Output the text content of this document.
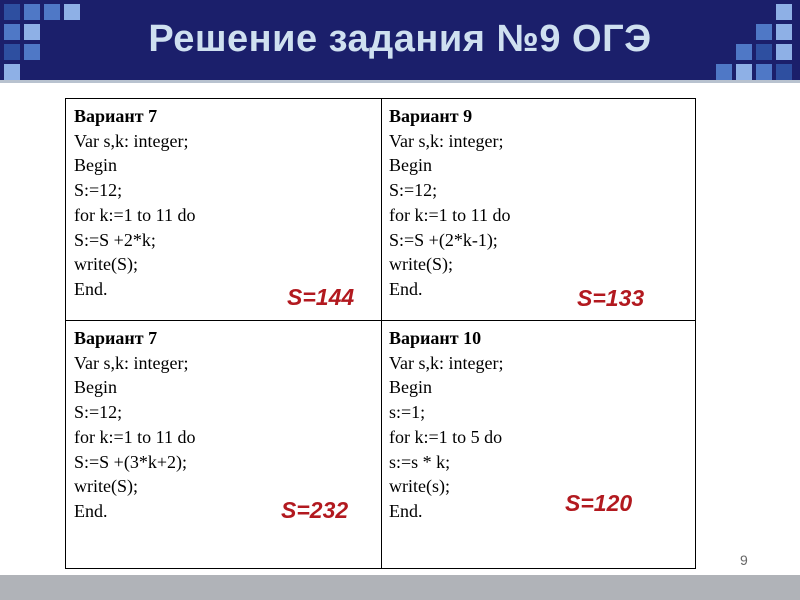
Решение задания №9 ОГЭ
Вариант 7
Var s,k: integer;
Begin
S:=12;
for k:=1 to 11 do
S:=S +2*k;
write(S);
End.	S=144
Вариант 9
Var s,k: integer;
Begin
S:=12;
for k:=1 to 11 do
S:=S +(2*k-1);
write(S);
End.	S=133
Вариант 7
Var s,k: integer;
Begin
S:=12;
for k:=1 to 11 do
S:=S +(3*k+2);
write(S);
End.	S=232
Вариант 10
Var s,k: integer;
Begin
s:=1;
for k:=1 to 5 do
s:=s * k;
write(s);
End.	S=120
9
